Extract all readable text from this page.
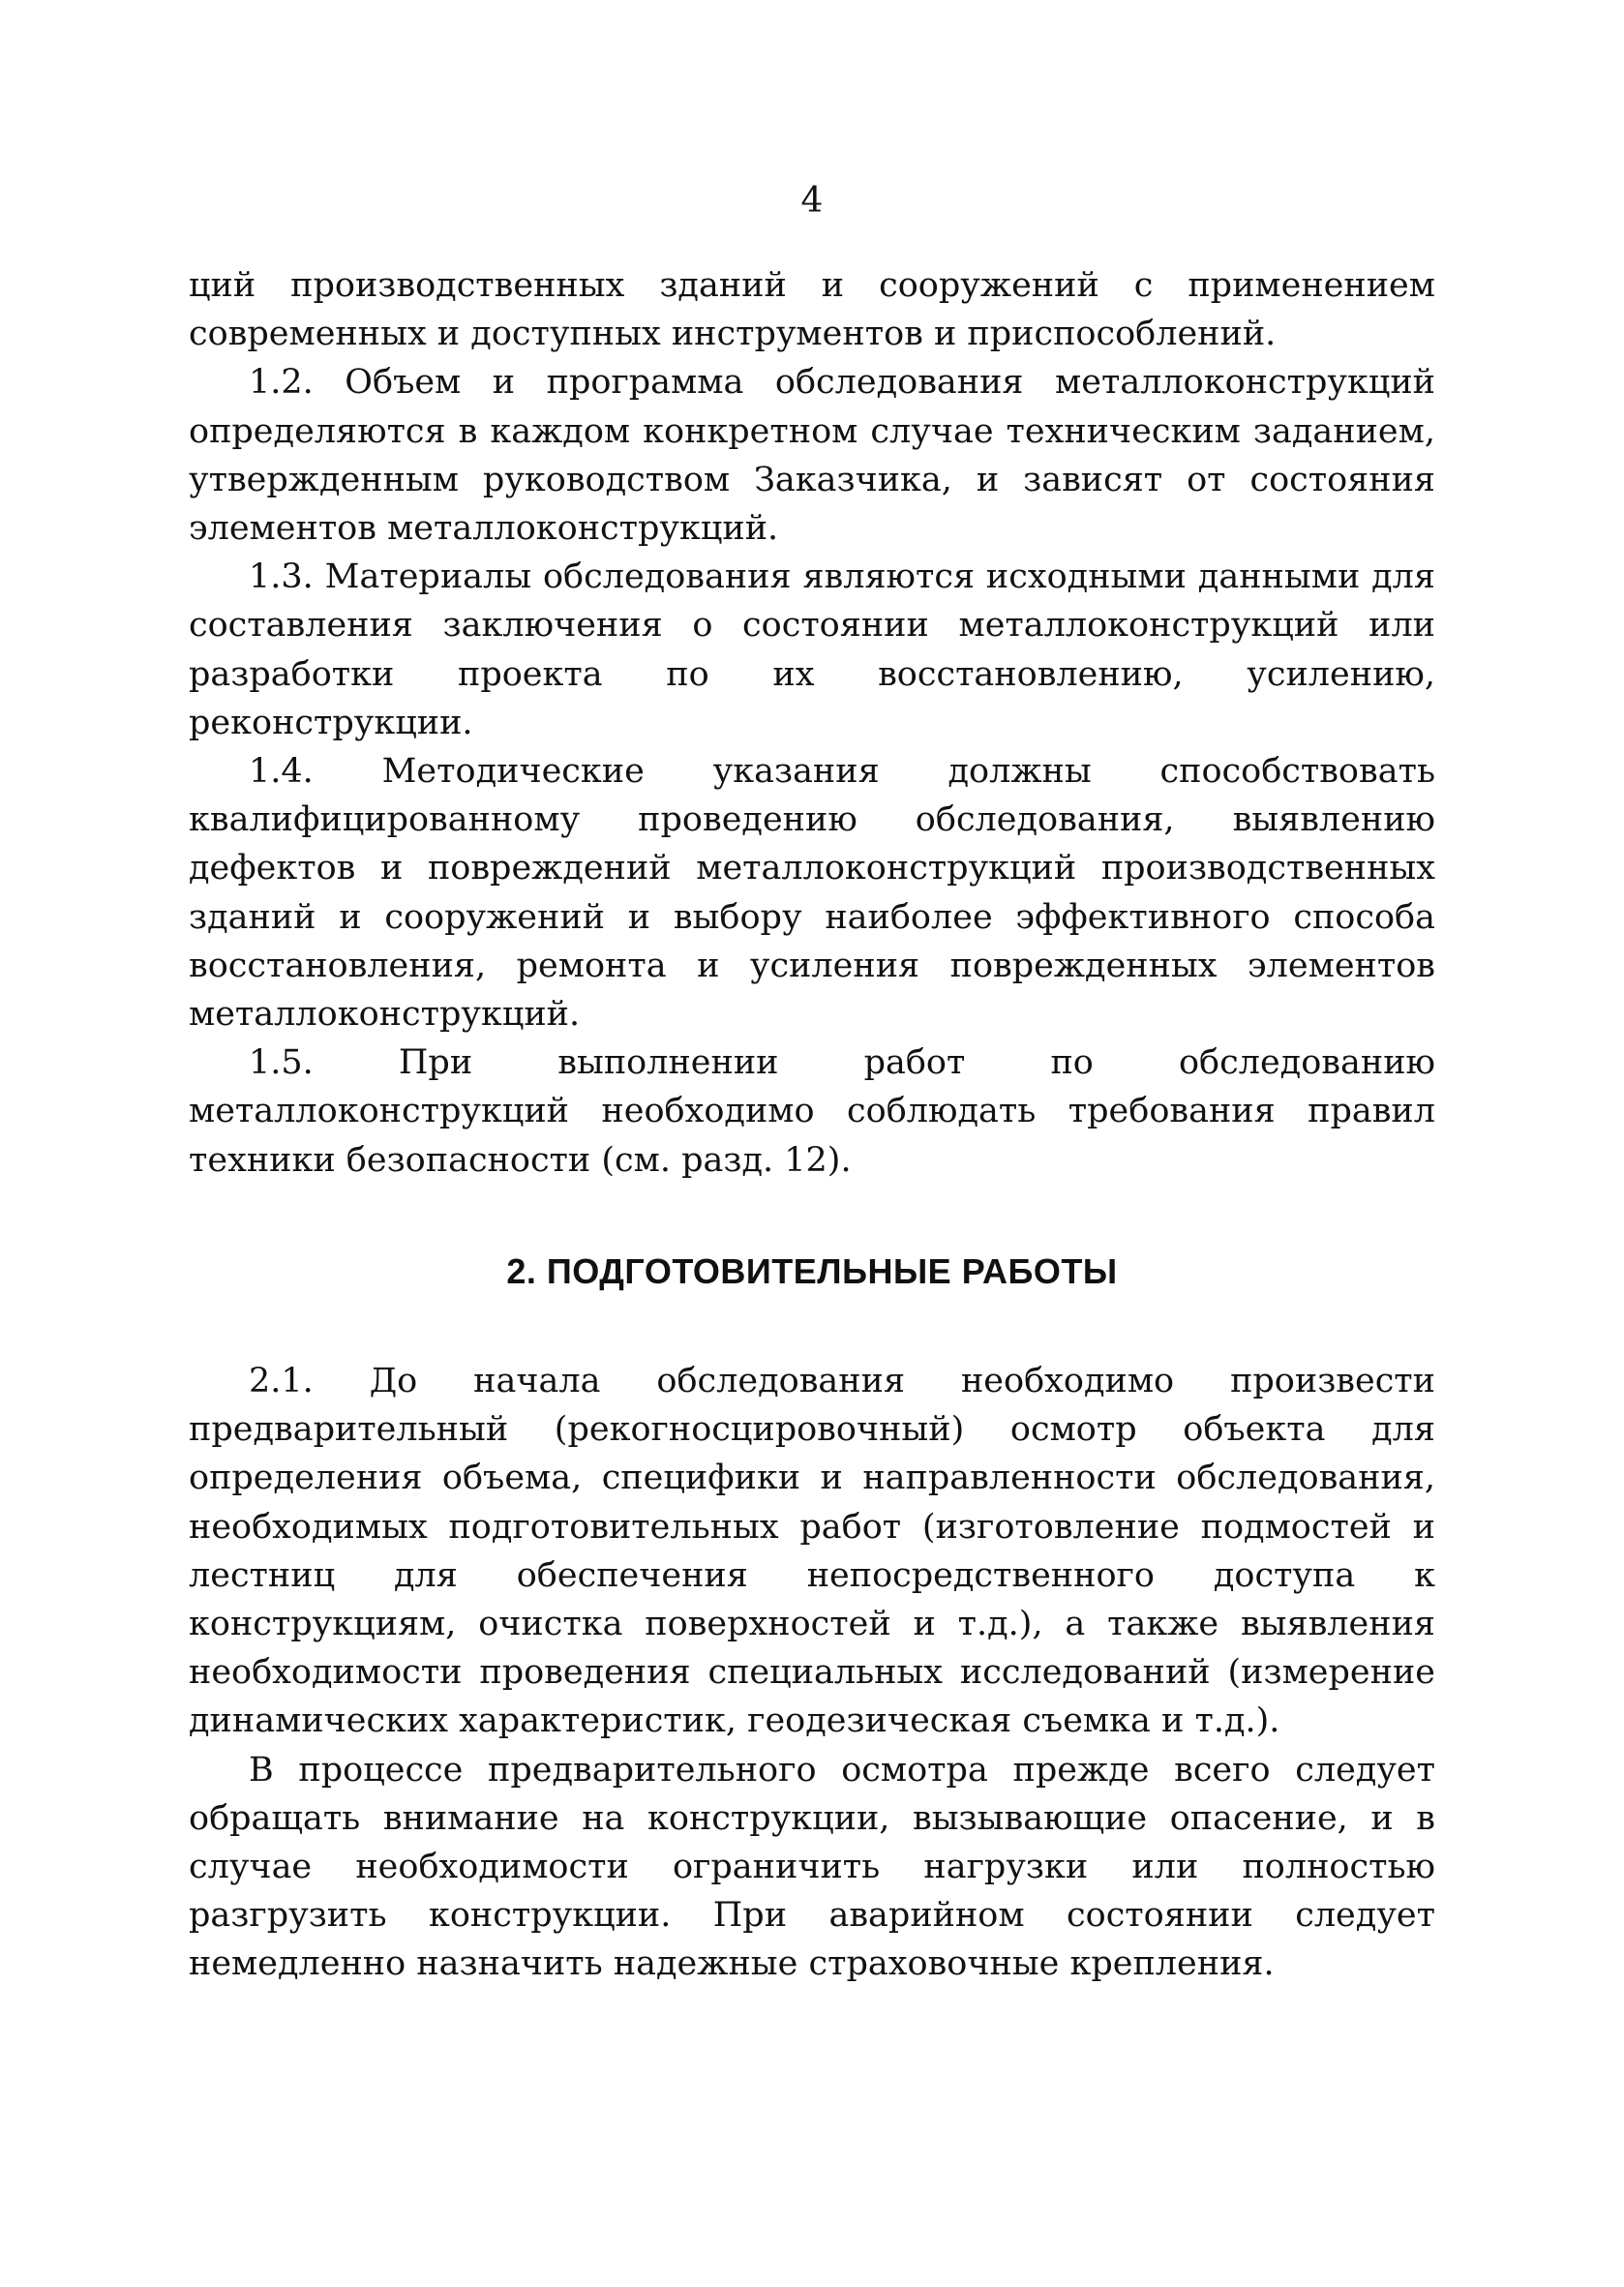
4

ций производственных зданий и сооружений с применением современных и доступных инструментов и приспособлений.

1.2. Объем и программа обследования металлоконструкций определяются в каждом конкретном случае техническим заданием, утвержденным руководством Заказчика, и зависят от состояния элементов металлоконструкций.

1.3. Материалы обследования являются исходными данными для составления заключения о состоянии металлоконструкций или разработки проекта по их восстановлению, усилению, реконструкции.

1.4. Методические указания должны способствовать квалифицированному проведению обследования, выявлению дефектов и повреждений металлоконструкций производственных зданий и сооружений и выбору наиболее эффективного способа восстановления, ремонта и усиления поврежденных элементов металлоконструкций.

1.5. При выполнении работ по обследованию металлоконструкций необходимо соблюдать требования правил техники безопасности (см. разд. 12).

2. ПОДГОТОВИТЕЛЬНЫЕ РАБОТЫ

2.1. До начала обследования необходимо произвести предварительный (рекогносцировочный) осмотр объекта для определения объема, специфики и направленности обследования, необходимых подготовительных работ (изготовление подмостей и лестниц для обеспечения непосредственного доступа к конструкциям, очистка поверхностей и т.д.), а также выявления необходимости проведения специальных исследований (измерение динамических характеристик, геодезическая съемка и т.д.).

В процессе предварительного осмотра прежде всего следует обращать внимание на конструкции, вызывающие опасение, и в случае необходимости ограничить нагрузки или полностью разгрузить конструкции. При аварийном состоянии следует немедленно назначить надежные страховочные крепления.
